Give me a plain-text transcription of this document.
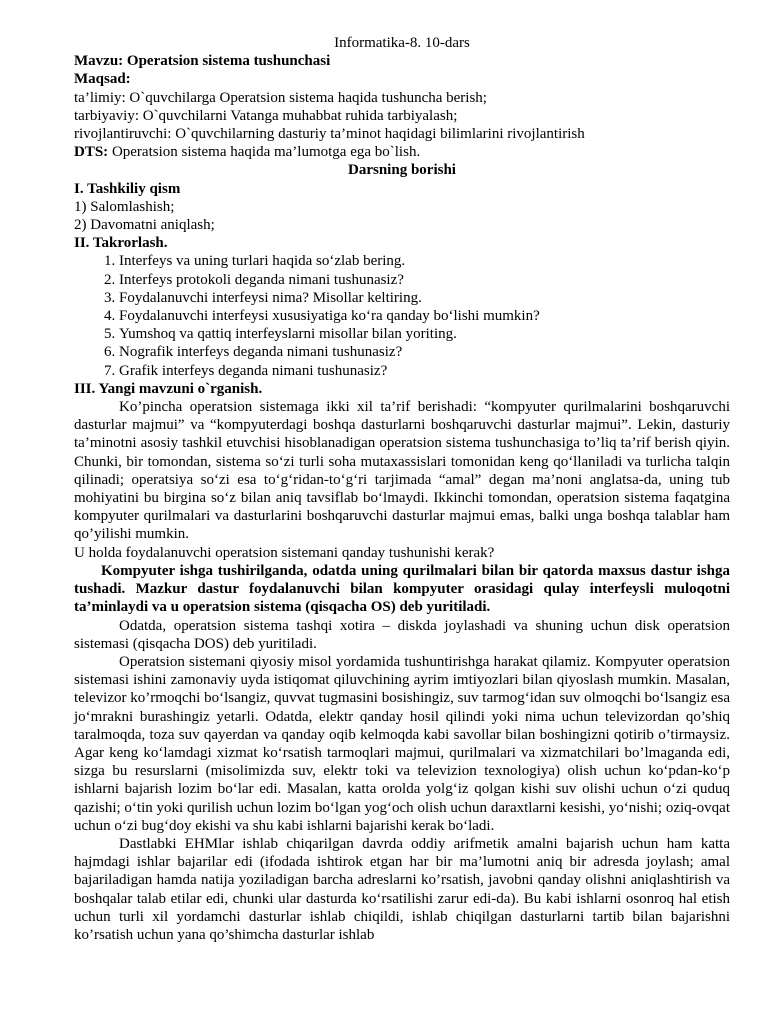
Informatika-8. 10-dars

Mavzu: Operatsion sistema tushunchasi

Maqsad:

ta’limiy: O`quvchilarga Operatsion sistema haqida tushuncha berish;

tarbiyaviy: O`quvchilarni Vatanga muhabbat ruhida tarbiyalash;

rivojlantiruvchi: O`quvchilarning dasturiy ta’minot haqidagi bilimlarini rivojlantirish

DTS: Operatsion sistema haqida ma’lumotga ega bo`lish.

Darsning borishi

I. Tashkiliy qism

1) Salomlashish;

2) Davomatni aniqlash;

II. Takrorlash.

1. Interfeys va uning turlari haqida so‘zlab bering.
2. Interfeys protokoli deganda nimani tushunasiz?
3. Foydalanuvchi interfeysi nima? Misollar keltiring.
4. Foydalanuvchi interfeysi xususiyatiga ko‘ra qanday bo‘lishi mumkin?
5. Yumshoq va qattiq interfeyslarni misollar bilan yoriting.
6. Nografik interfeys deganda nimani tushunasiz?
7. Grafik interfeys deganda nimani tushunasiz?

III. Yangi mavzuni o`rganish.

Ko’pincha operatsion sistemaga ikki xil ta’rif berishadi: “kompyuter qurilmalarini boshqaruvchi dasturlar majmui” va “kompyuterdagi boshqa dasturlarni boshqaruvchi dasturlar majmui”. Lekin, dasturiy ta’minotni asosiy tashkil etuvchisi hisoblanadigan operatsion sistema tushunchasiga to’liq ta’rif berish qiyin. Chunki, bir tomondan, sistema so‘zi turli soha mutaxassislari tomonidan keng qo‘llaniladi va turlicha talqin qilinadi; operatsiya so‘zi esa to‘g‘ridan-to‘g‘ri tarjimada “amal” degan ma’noni anglatsa-da, uning tub mohiyatini bu birgina so‘z bilan aniq tavsiflab bo‘lmaydi. Ikkinchi tomondan, operatsion sistema faqatgina kompyuter qurilmalari va dasturlarini boshqaruvchi dasturlar majmui emas, balki unga boshqa talablar ham qo’yilishi mumkin.

U holda foydalanuvchi operatsion sistemani qanday tushunishi kerak?

Kompyuter ishga tushirilganda, odatda uning qurilmalari bilan bir qatorda maxsus dastur ishga tushadi. Mazkur dastur foydalanuvchi bilan kompyuter orasidagi qulay interfeysli muloqotni ta’minlaydi va u operatsion sistema (qisqacha OS) deb yuritiladi.

Odatda, operatsion sistema tashqi xotira – diskda joylashadi va shuning uchun disk operatsion sistemasi (qisqacha DOS) deb yuritiladi.

Operatsion sistemani qiyosiy misol yordamida tushuntirishga harakat qilamiz. Kompyuter operatsion sistemasi ishini zamonaviy uyda istiqomat qiluvchining ayrim imtiyozlari bilan qiyoslash mumkin. Masalan, televizor ko’rmoqchi bo‘lsangiz, quvvat tugmasini bosishingiz, suv tarmog‘idan suv olmoqchi bo‘lsangiz esa jo‘mrakni burashingiz yetarli. Odatda, elektr qanday hosil qilindi yoki nima uchun televizordan qo’shiq taralmoqda, toza suv qayerdan va qanday oqib kelmoqda kabi savollar bilan boshingizni qotirib o’tirmaysiz. Agar keng ko‘lamdagi xizmat ko‘rsatish tarmoqlari majmui, qurilmalari va xizmatchilari bo’lmaganda edi, sizga bu resurslarni (misolimizda suv, elektr toki va televizion texnologiya) olish uchun ko‘pdan-ko‘p ishlarni bajarish lozim bo‘lar edi. Masalan, katta orolda yolg‘iz qolgan kishi suv olishi uchun o‘zi quduq qazishi; o‘tin yoki qurilish uchun lozim bo‘lgan yog‘och olish uchun daraxtlarni kesishi, yo‘nishi; oziq-ovqat uchun o‘zi bug‘doy ekishi va shu kabi ishlarni bajarishi kerak bo‘ladi.

Dastlabki EHMlar ishlab chiqarilgan davrda oddiy arifmetik amalni bajarish uchun ham katta hajmdagi ishlar bajarilar edi (ifodada ishtirok etgan har bir ma’lumotni aniq bir adresda joylash; amal bajariladigan hamda natija yoziladigan barcha adreslarni ko’rsatish, javobni qanday olishni aniqlashtirish va boshqalar talab etilar edi, chunki ular dasturda ko‘rsatilishi zarur edi-da). Bu kabi ishlarni osonroq hal etish uchun turli xil yordamchi dasturlar ishlab chiqildi, ishlab chiqilgan dasturlarni tartib bilan bajarishni ko’rsatish uchun yana qo’shimcha dasturlar ishlab
